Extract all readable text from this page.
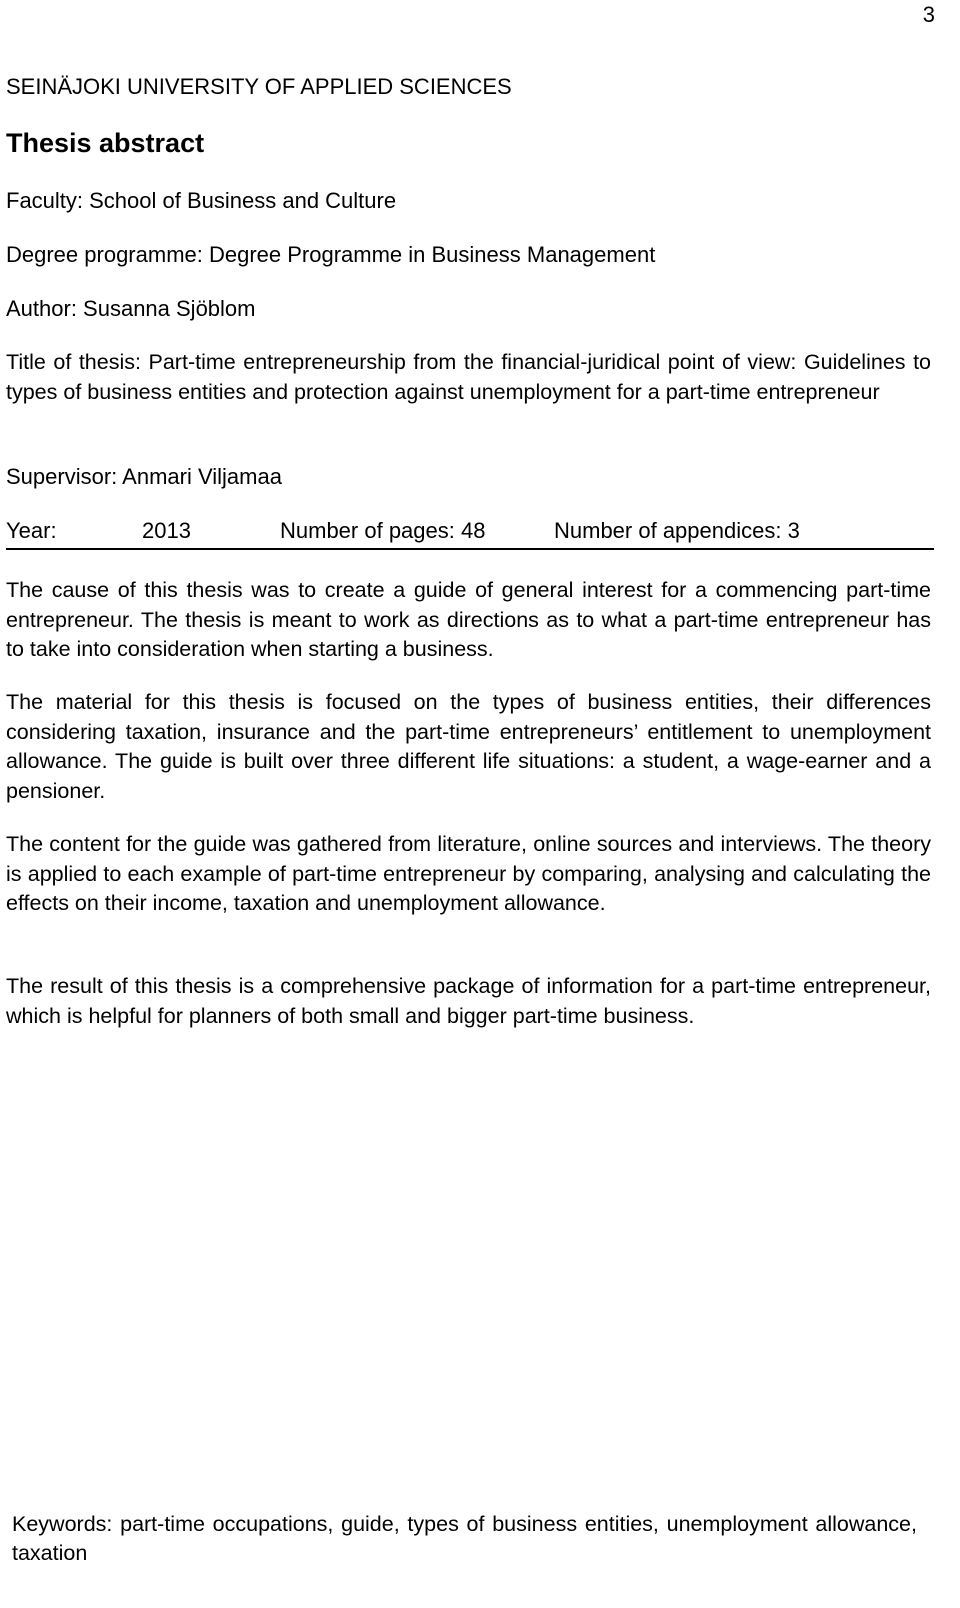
3
SEINÄJOKI UNIVERSITY OF APPLIED SCIENCES
Thesis abstract
Faculty: School of Business and Culture
Degree programme: Degree Programme in Business Management
Author: Susanna Sjöblom
Title of thesis: Part-time entrepreneurship from the financial-juridical point of view: Guidelines to types of business entities and protection against unemployment for a part-time entrepreneur
Supervisor: Anmari Viljamaa
Year:	2013	Number of pages: 48	Number of appendices: 3
The cause of this thesis was to create a guide of general interest for a commencing part-time entrepreneur. The thesis is meant to work as directions as to what a part-time entrepreneur has to take into consideration when starting a business.
The material for this thesis is focused on the types of business entities, their differences considering taxation, insurance and the part-time entrepreneurs’ entitlement to unemployment allowance. The guide is built over three different life situations: a student, a wage-earner and a pensioner.
The content for the guide was gathered from literature, online sources and interviews. The theory is applied to each example of part-time entrepreneur by comparing, analysing and calculating the effects on their income, taxation and unemployment allowance.
The result of this thesis is a comprehensive package of information for a part-time entrepreneur, which is helpful for planners of both small and bigger part-time business.
Keywords: part-time occupations, guide, types of business entities, unemployment allowance, taxation
